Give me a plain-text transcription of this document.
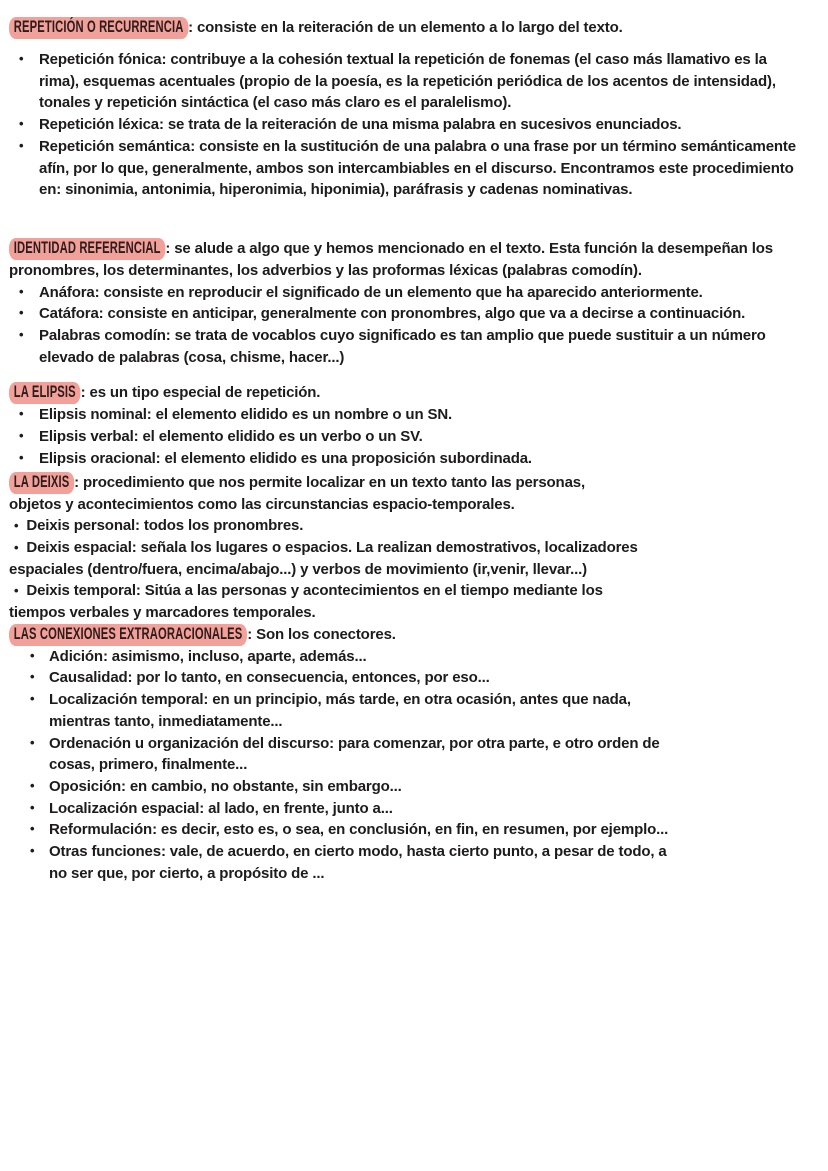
REPETICIÓN O RECURRENCIA : consiste en la reiteración de un elemento a lo largo del texto.

• Repetición fónica: contribuye a la cohesión textual la repetición de fonemas (el caso más llamativo es la rima), esquemas acentuales (propio de la poesía, es la repetición periódica de los acentos de intensidad), tonales y repetición sintáctica (el caso más claro es el paralelismo).
• Repetición léxica: se trata de la reiteración de una misma palabra en sucesivos enunciados.
• Repetición semántica: consiste en la sustitución de una palabra o una frase por un término semánticamente afín, por lo que, generalmente, ambos son intercambiables en el discurso. Encontramos este procedimiento en: sinonimia, antonimia, hiperonimia, hiponimia), paráfrasis y cadenas nominativas.

IDENTIDAD REFERENCIAL : se alude a algo que y hemos mencionado en el texto. Esta función la desempeñan los pronombres, los determinantes, los adverbios y las proformas léxicas (palabras comodín).

• Anáfora: consiste en reproducir el significado de un elemento que ha aparecido anteriormente.
• Catáfora: consiste en anticipar, generalmente con pronombres, algo que va a decirse a continuación.
• Palabras comodín: se trata de vocablos cuyo significado es tan amplio que puede sustituir a un número elevado de palabras (cosa, chisme, hacer...)

LA ELIPSIS : es un tipo especial de repetición.

• Elipsis nominal: el elemento elidido es un nombre o un SN.
• Elipsis verbal: el elemento elidido es un verbo o un SV.
• Elipsis oracional: el elemento elidido es una proposición subordinada.

LA DEIXIS : procedimiento que nos permite localizar en un texto tanto las personas, objetos y acontecimientos como las circunstancias espacio-temporales.

• Deixis personal: todos los pronombres.

• Deixis espacial: señala los lugares o espacios. La realizan demostrativos, localizadores espaciales (dentro/fuera, encima/abajo...) y verbos de movimiento (ir,venir, llevar...)

• Deixis temporal: Sitúa a las personas y acontecimientos en el tiempo mediante los tiempos verbales y marcadores temporales.

LAS CONEXIONES EXTRAORACIONALES : Son los conectores.

• Adición: asimismo, incluso, aparte, además...
• Causalidad: por lo tanto, en consecuencia, entonces, por eso...
• Localización temporal: en un principio, más tarde, en otra ocasión, antes que nada, mientras tanto, inmediatamente...
• Ordenación u organización del discurso: para comenzar, por otra parte, e otro orden de cosas, primero, finalmente...
• Oposición: en cambio, no obstante, sin embargo...
• Localización espacial: al lado, en frente, junto a...
• Reformulación: es decir, esto es, o sea, en conclusión, en fin, en resumen, por ejemplo...
• Otras funciones: vale, de acuerdo, en cierto modo, hasta cierto punto, a pesar de todo, a no ser que, por cierto, a propósito de ...
